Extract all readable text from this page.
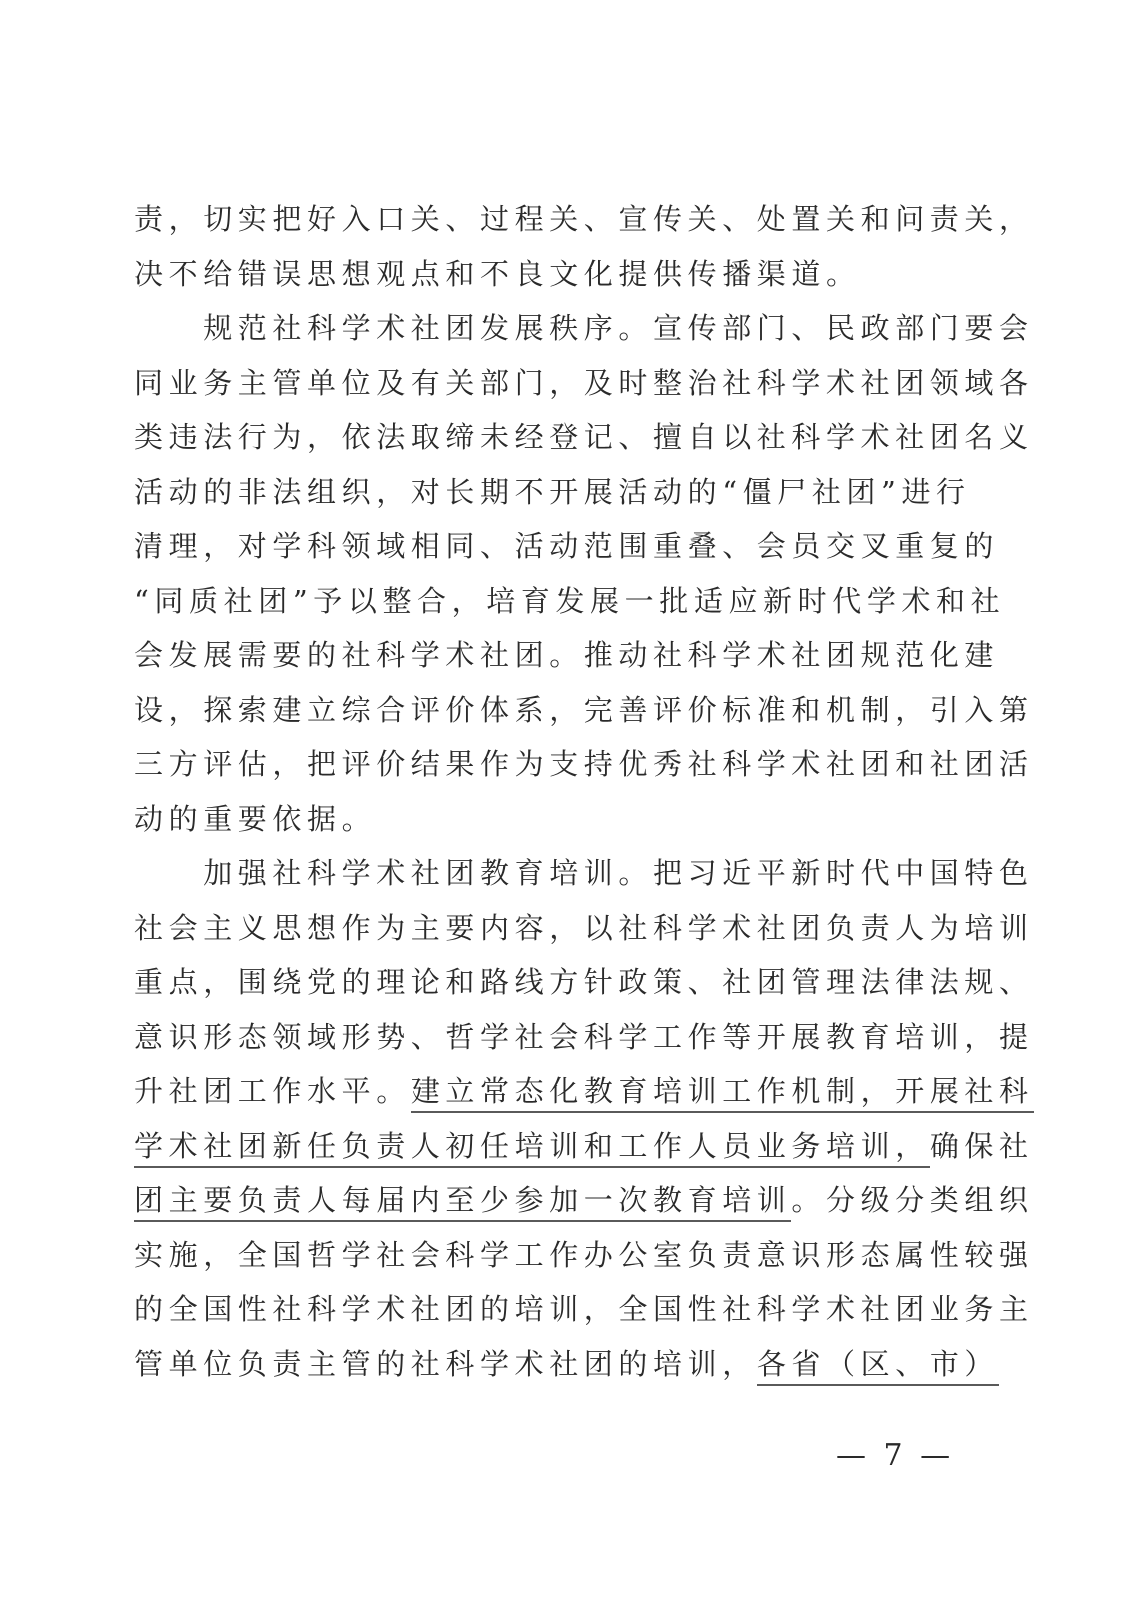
责，切实把好入口关、过程关、宣传关、处置关和问责关，
决不给错误思想观点和不良文化提供传播渠道。
　　规范社科学术社团发展秩序。宣传部门、民政部门要会
同业务主管单位及有关部门，及时整治社科学术社团领域各
类违法行为，依法取缔未经登记、擅自以社科学术社团名义
活动的非法组织，对长期不开展活动的“僵尸社团”进行
清理，对学科领域相同、活动范围重叠、会员交叉重复的
“同质社团”予以整合，培育发展一批适应新时代学术和社
会发展需要的社科学术社团。推动社科学术社团规范化建
设，探索建立综合评价体系，完善评价标准和机制，引入第
三方评估，把评价结果作为支持优秀社科学术社团和社团活
动的重要依据。
　　加强社科学术社团教育培训。把习近平新时代中国特色
社会主义思想作为主要内容，以社科学术社团负责人为培训
重点，围绕党的理论和路线方针政策、社团管理法律法规、
意识形态领域形势、哲学社会科学工作等开展教育培训，提
升社团工作水平。建立常态化教育培训工作机制，开展社科
学术社团新任负责人初任培训和工作人员业务培训，确保社
团主要负责人每届内至少参加一次教育培训。分级分类组织
实施，全国哲学社会科学工作办公室负责意识形态属性较强
的全国性社科学术社团的培训，全国性社科学术社团业务主
管单位负责主管的社科学术社团的培训，各省（区、市）
— 7 —
